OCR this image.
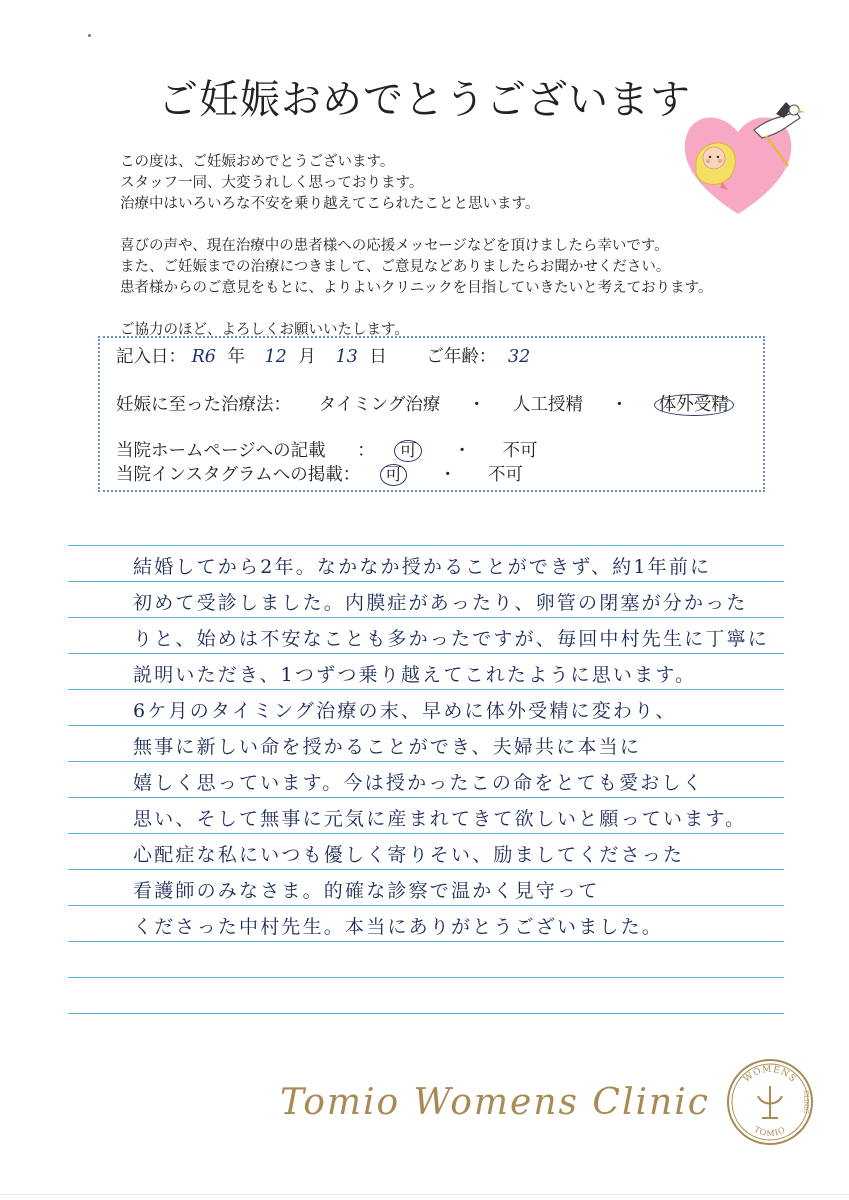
ご妊娠おめでとうございます

この度は、ご妊娠おめでとうございます。

スタッフ一同、大変うれしく思っております。

治療中はいろいろな不安を乗り越えてこられたことと思います。

喜びの声や、現在治療中の患者様への応援メッセージなどを頂けましたら幸いです。

また、ご妊娠までの治療につきまして、ご意見などありましたらお聞かせください。

患者様からのご意見をもとに、よりよいクリニックを目指していきたいと考えております。

ご協力のほど、よろしくお願いいたします。

記入日： R6 年 12 月 13 日 ご年齢： 32
妊娠に至った治療法： タイミング治療 ・ 人工授精 ・ 体外受精
当院ホームページへの記載 ： 可 ・ 不可
当院インスタグラムへの掲載： 可 ・ 不可
結婚してから2年。なかなか授かることができず、約1年前に
初めて受診しました。内膜症があったり、卵管の閉塞が分かった
りと、始めは不安なことも多かったですが、毎回中村先生に丁寧に
説明いただき、1つずつ乗り越えてこれたように思います。
6ケ月のタイミング治療の末、早めに体外受精に変わり、
無事に新しい命を授かることができ、夫婦共に本当に
嬉しく思っています。今は授かったこの命をとても愛おしく
思い、そして無事に元気に産まれてきて欲しいと願っています。
心配症な私にいつも優しく寄りそい、励ましてくださった
看護師のみなさま。的確な診察で温かく見守って
くださった中村先生。本当にありがとうございました。
Tomio Womens Clinic
WOMENS
TOMIO
CLINIC
